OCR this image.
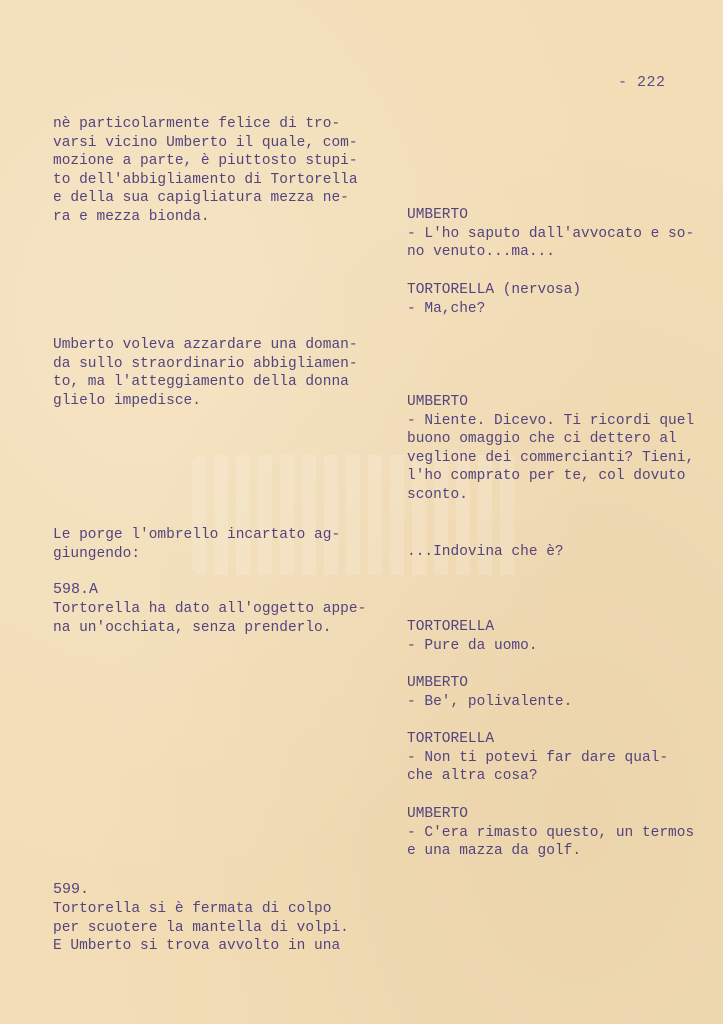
- 222
nè particolarmente felice di tro-
varsi vicino Umberto il quale, com-
mozione a parte, è piuttosto stupi-
to dell'abbigliamento di Tortorella
e della sua capigliatura mezza ne-
ra e mezza bionda.
Umberto voleva azzardare una doman-
da sullo straordinario abbigliamen-
to, ma l'atteggiamento della donna
glielo impedisce.
Le porge l'ombrello incartato ag-
giungendo:
598.A
Tortorella ha dato all'oggetto appe-
na un'occhiata, senza prenderlo.
599.
Tortorella si è fermata di colpo
per scuotere la mantella di volpi.
E Umberto si trova avvolto in una
UMBERTO
- L'ho saputo dall'avvocato e so-
no venuto...ma...
TORTORELLA (nervosa)
- Ma,che?
UMBERTO
- Niente. Dicevo. Ti ricordi quel
buono omaggio che ci dettero al
veglione dei commercianti? Tieni,
l'ho comprato per te, col dovuto
sconto.
...Indovina che è?
TORTORELLA
- Pure da uomo.
UMBERTO
- Be', polivalente.
TORTORELLA
- Non ti potevi far dare qual-
che altra cosa?
UMBERTO
- C'era rimasto questo, un termos
e una mazza da golf.
